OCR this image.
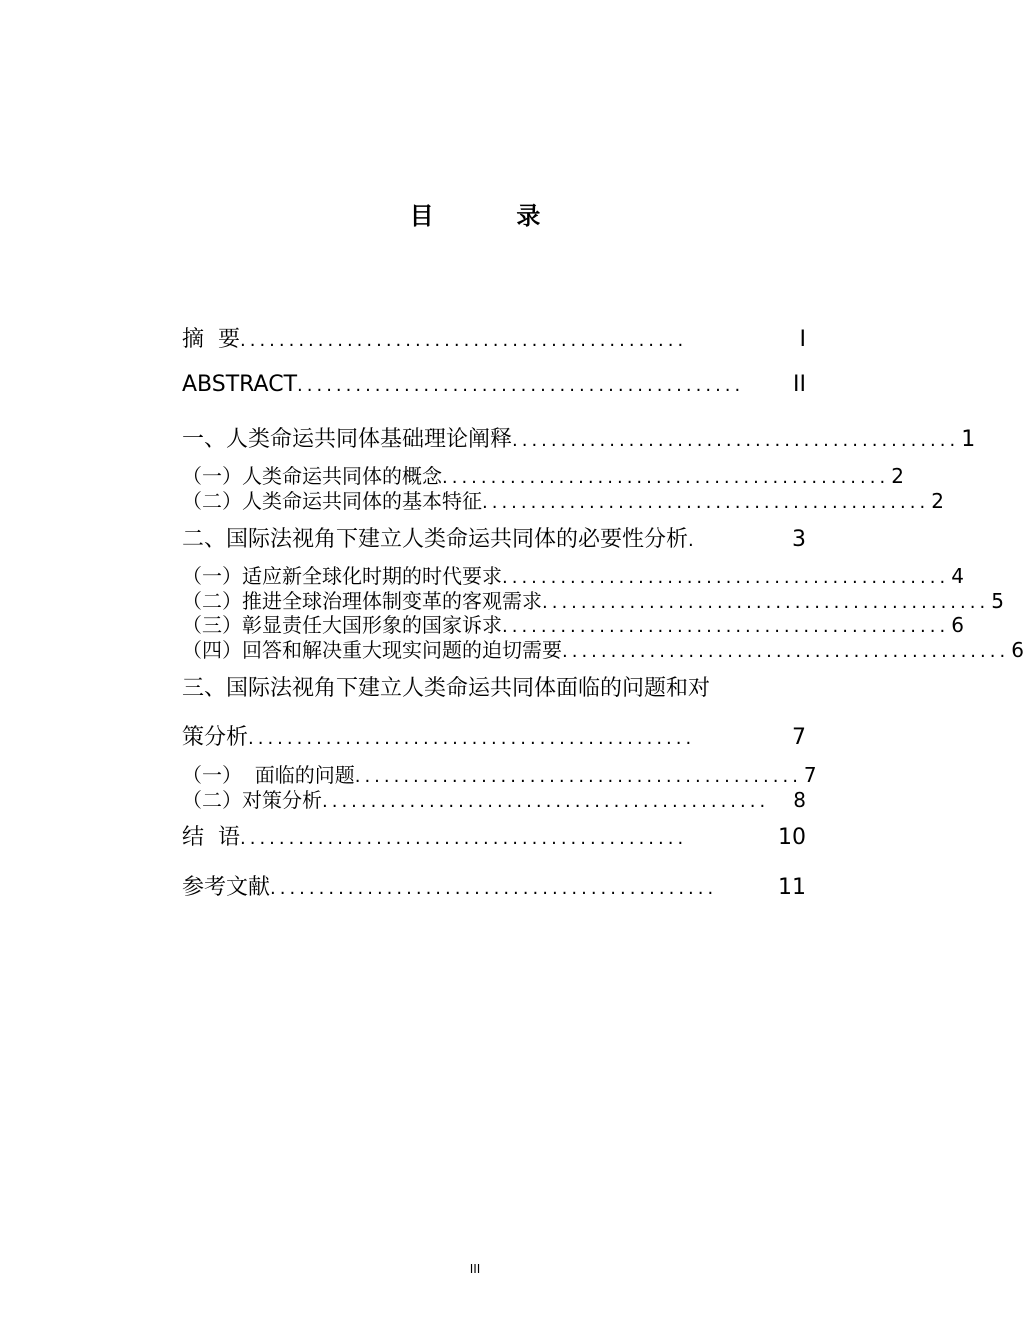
目  录
摘  要 ..............................................	I
ABSTRACT ..............................................	II
一、人类命运共同体基础理论阐释 .............................................. 1
（一）人类命运共同体的概念 .............................................. 2
（二）人类命运共同体的基本特征 .............................................. 2
二、国际法视角下建立人类命运共同体的必要性分析 .	3
（一）适应新全球化时期的时代要求 .............................................. 4
（二）推进全球治理体制变革的客观需求 .............................................. 5
（三）彰显责任大国形象的国家诉求 .............................................. 6
（四）回答和解决重大现实问题的迫切需要 .............................................. 6
三、国际法视角下建立人类命运共同体面临的问题和对
策分析 ..............................................	7
（一）  面临的问题 .............................................. 7
（二）对策分析 ..............................................	8
结  语 ..............................................	10
参考文献 ..............................................	11
III
